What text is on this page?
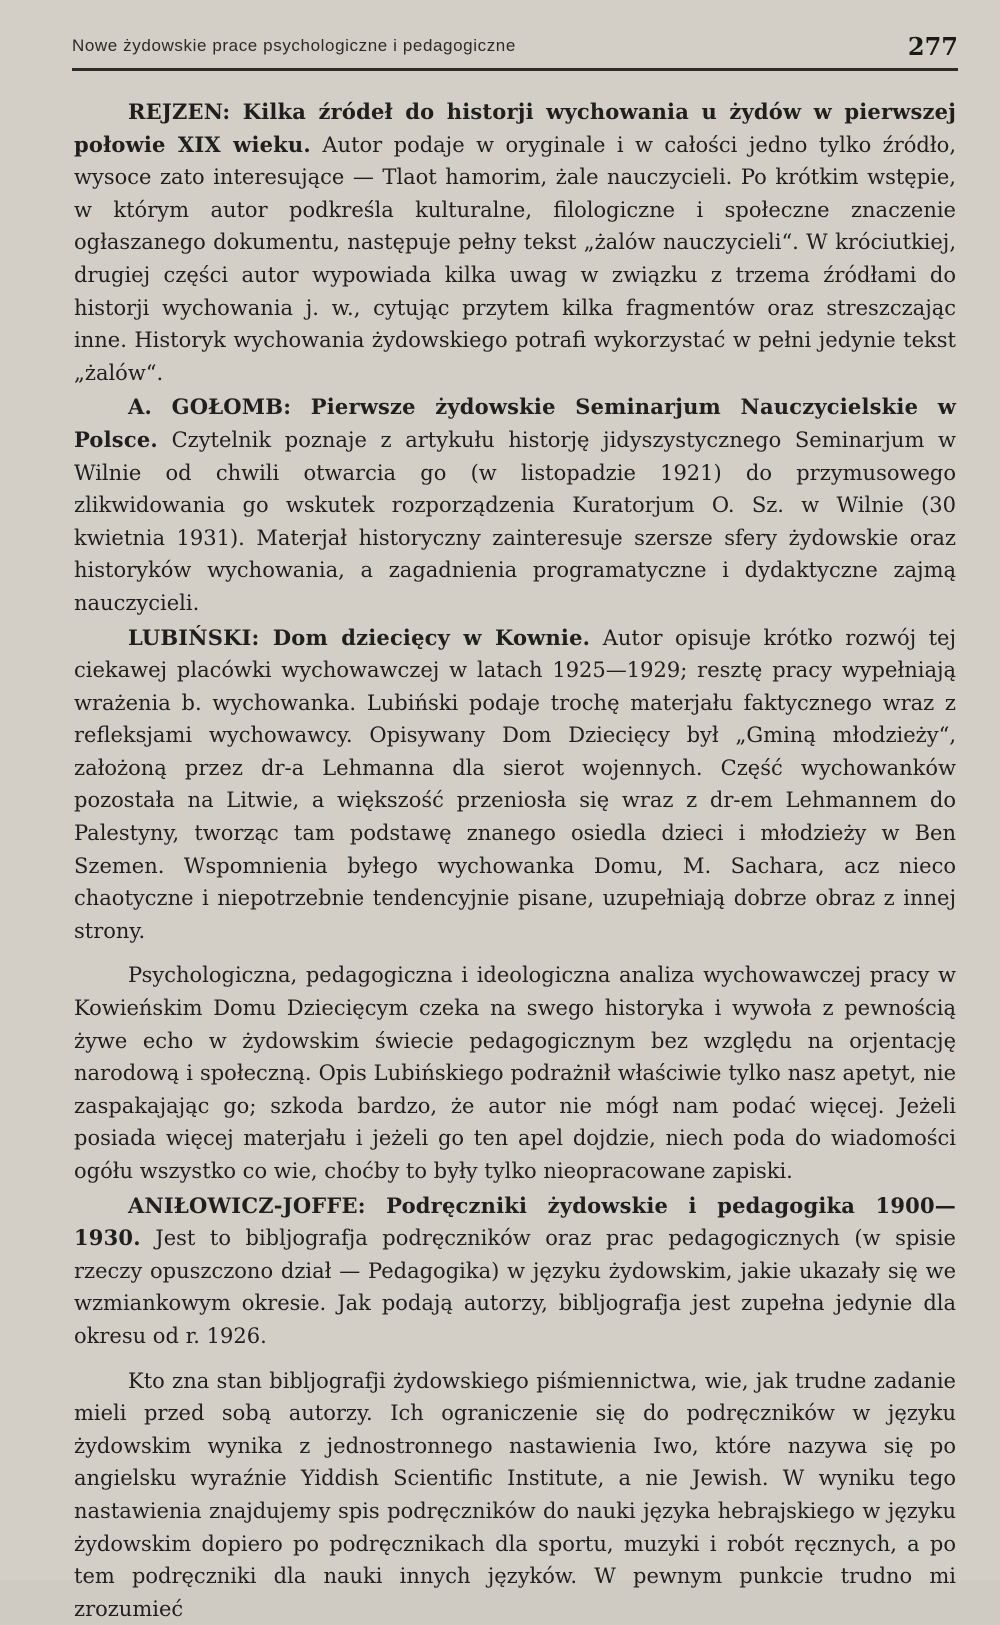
Nowe żydowskie prace psychologiczne i pedagogiczne	277

REJZEN: Kilka źródeł do historji wychowania u żydów w pierwszej połowie XIX wieku. Autor podaje w oryginale i w całości jedno tylko źródło, wysoce zato interesujące — Tlaot hamorim, żale nauczycieli. Po krótkim wstępie, w którym autor podkreśla kulturalne, filologiczne i społeczne znaczenie ogłaszanego dokumentu, następuje pełny tekst „żalów nauczycieli“. W króciutkiej, drugiej części autor wypowiada kilka uwag w związku z trzema źródłami do historji wychowania j. w., cytując przytem kilka fragmentów oraz streszczając inne. Historyk wychowania żydowskiego potrafi wykorzystać w pełni jedynie tekst „żalów“.

A. GOŁOMB: Pierwsze żydowskie Seminarjum Nauczycielskie w Polsce. Czytelnik poznaje z artykułu historję jidyszystycznego Seminarjum w Wilnie od chwili otwarcia go (w listopadzie 1921) do przymusowego zlikwidowania go wskutek rozporządzenia Kuratorjum O. Sz. w Wilnie (30 kwietnia 1931). Materjał historyczny zainteresuje szersze sfery żydowskie oraz historyków wychowania, a zagadnienia programatyczne i dydaktyczne zajmą nauczycieli.

LUBIŃSKI: Dom dziecięcy w Kownie. Autor opisuje krótko rozwój tej ciekawej placówki wychowawczej w latach 1925—1929; resztę pracy wypełniają wrażenia b. wychowanka. Lubiński podaje trochę materjału faktycznego wraz z refleksjami wychowawcy. Opisywany Dom Dziecięcy był „Gminą młodzieży“, założoną przez dr-a Lehmanna dla sierot wojennych. Część wychowanków pozostała na Litwie, a większość przeniosła się wraz z dr-em Lehmannem do Palestyny, tworząc tam podstawę znanego osiedla dzieci i młodzieży w Ben Szemen. Wspomnienia byłego wychowanka Domu, M. Sachara, acz nieco chaotyczne i niepotrzebnie tendencyjnie pisane, uzupełniają dobrze obraz z innej strony.

Psychologiczna, pedagogiczna i ideologiczna analiza wychowawczej pracy w Kowieńskim Domu Dziecięcym czeka na swego historyka i wywoła z pewnością żywe echo w żydowskim świecie pedagogicznym bez względu na orjentację narodową i społeczną. Opis Lubińskiego podrażnił właściwie tylko nasz apetyt, nie zaspakajając go; szkoda bardzo, że autor nie mógł nam podać więcej. Jeżeli posiada więcej materjału i jeżeli go ten apel dojdzie, niech poda do wiadomości ogółu wszystko co wie, choćby to były tylko nieopracowane zapiski.

ANIŁOWICZ-JOFFE: Podręczniki żydowskie i pedagogika 1900—1930. Jest to bibljografja podręczników oraz prac pedagogicznych (w spisie rzeczy opuszczono dział — Pedagogika) w języku żydowskim, jakie ukazały się we wzmiankowym okresie. Jak podają autorzy, bibljografja jest zupełna jedynie dla okresu od r. 1926.

Kto zna stan bibljografji żydowskiego piśmiennictwa, wie, jak trudne zadanie mieli przed sobą autorzy. Ich ograniczenie się do podręczników w języku żydowskim wynika z jednostronnego nastawienia Iwo, które nazywa się po angielsku wyraźnie Yiddish Scientific Institute, a nie Jewish. W wyniku tego nastawienia znajdujemy spis podręczników do nauki języka hebrajskiego w języku żydowskim dopiero po podręcznikach dla sportu, muzyki i robót ręcznych, a po tem podręczniki dla nauki innych języków. W pewnym punkcie trudno mi zrozumieć
